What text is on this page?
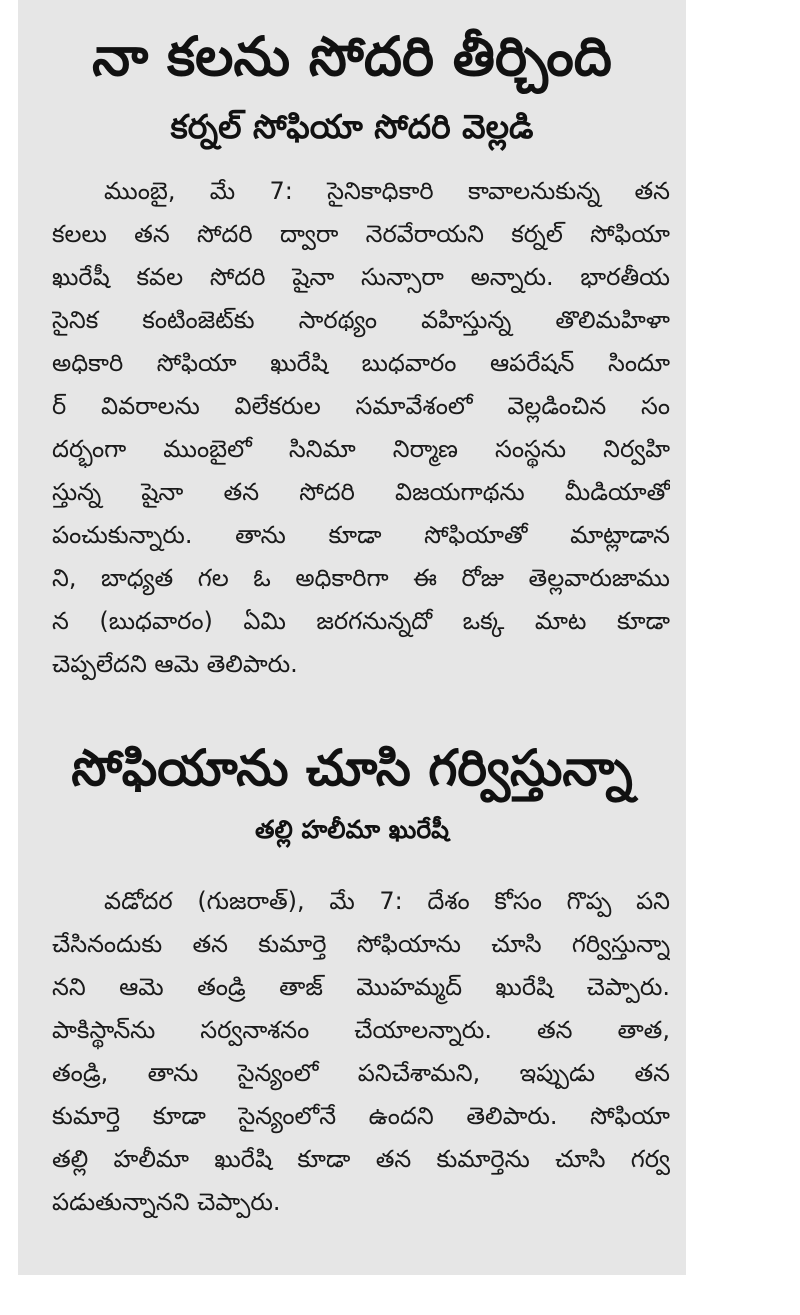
నా కలను సోదరి తీర్చింది
కర్నల్ సోఫియా సోదరి వెల్లడి
ముంబై, మే 7: సైనికాధికారి కావాలనుకున్న తన
కలలు తన సోదరి ద్వారా నెరవేరాయని కర్నల్ సోఫియా
ఖురేషీ కవల సోదరి షైనా సున్సారా అన్నారు. భారతీయ
సైనిక కంటింజెట్‌కు సారథ్యం వహిస్తున్న తొలిమహిళా
అధికారి సోఫియా ఖురేషి బుధవారం ఆపరేషన్ సిందూ
ర్ వివరాలను విలేకరుల సమావేశంలో వెల్లడించిన సం
దర్భంగా ముంబైలో సినిమా నిర్మాణ సంస్థను నిర్వహి
స్తున్న షైనా తన సోదరి విజయగాథను మీడియాతో
పంచుకున్నారు. తాను కూడా సోఫియాతో మాట్లాడాన
ని, బాధ్యత గల ఓ అధికారిగా ఈ రోజు తెల్లవారుజాము
న (బుధవారం) ఏమి జరగనున్నదో ఒక్క మాట కూడా
చెప్పలేదని ఆమె తెలిపారు.
సోఫియాను చూసి గర్విస్తున్నా
తల్లి హలీమా ఖురేషీ
వడోదర (గుజరాత్), మే 7: దేశం కోసం గొప్ప పని
చేసినందుకు తన కుమార్తె సోఫియాను చూసి గర్విస్తున్నా
నని ఆమె తండ్రి తాజ్ మొహమ్మద్ ఖురేషి చెప్పారు.
పాకిస్థాన్‌ను సర్వనాశనం చేయాలన్నారు. తన తాత,
తండ్రి, తాను సైన్యంలో పనిచేశామని, ఇప్పుడు తన
కుమార్తె కూడా సైన్యంలోనే ఉందని తెలిపారు. సోఫియా
తల్లి హలీమా ఖురేషి కూడా తన కుమార్తెను చూసి గర్వ
పడుతున్నానని చెప్పారు.
